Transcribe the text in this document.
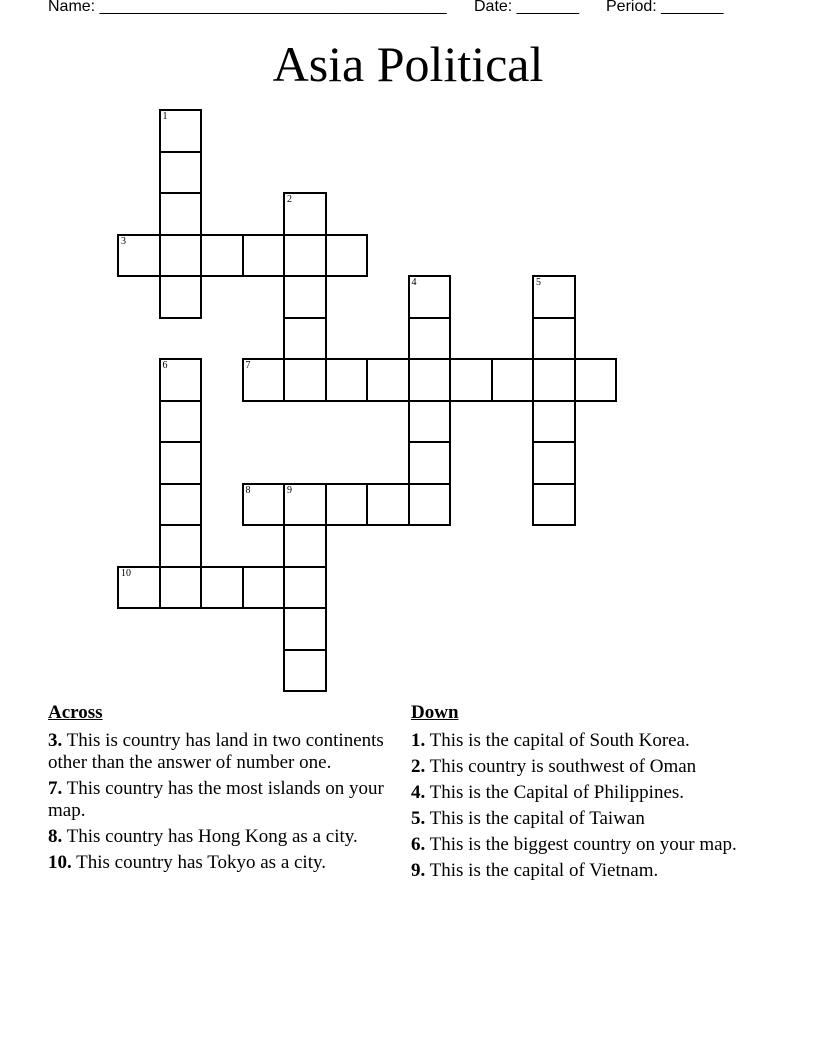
Name: _______________________________________ Date: _______ Period: _______
Asia Political
1
2
3
4	5
6	7
8	9
10
Across
3. This is country has land in two continents other than the answer of number one.
7. This country has the most islands on your map.
8. This country has Hong Kong as a city.
10. This country has Tokyo as a city.
Down
1. This is the capital of South Korea.
2. This country is southwest of Oman
4. This is the Capital of Philippines.
5. This is the capital of Taiwan
6. This is the biggest country on your map.
9. This is the capital of Vietnam.
